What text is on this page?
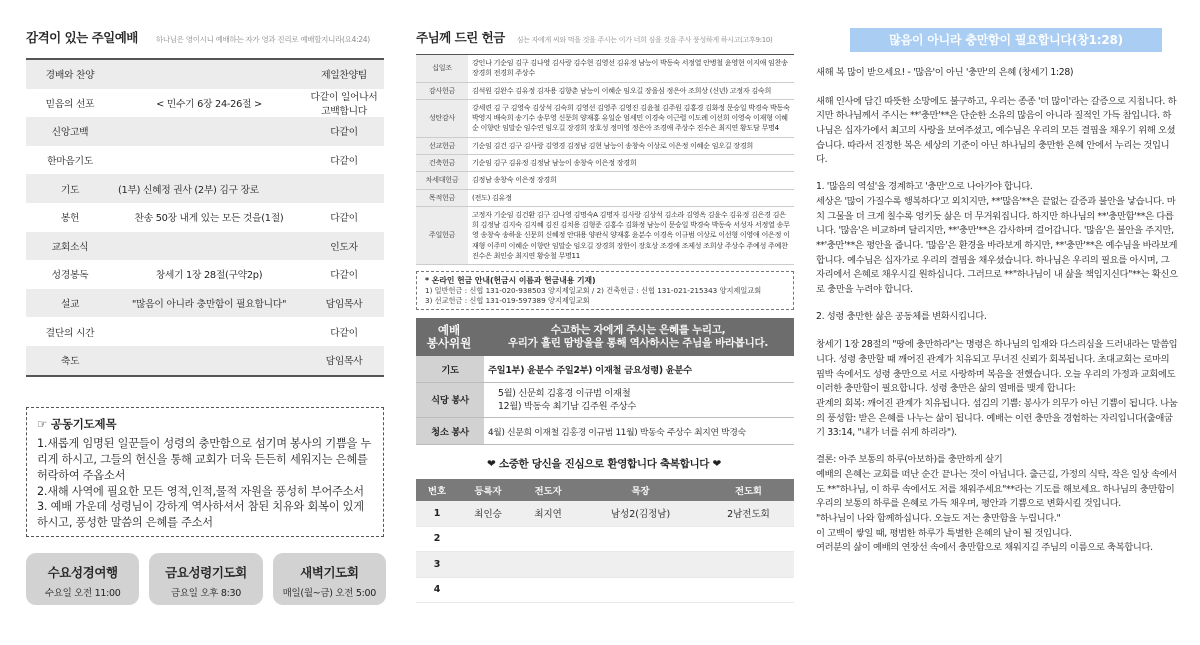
감격이 있는 주일예배 하나님은 영이시니 예배하는 자가 영과 진리로 예배할지니라(요4:24)
경배와 찬양		제일찬양팀
믿음의 선포	< 민수기 6장 24-26절 >	다같이 일어나서 고백합니다
신앙고백		다같이
한마음기도		다같이
기도	(1부) 신혜정 권사 (2부) 김구 장로	
봉헌	찬송 50장 내게 있는 모든 것을(1절)	다같이
교회소식		인도자
성경봉독	창세기 1장 28절(구약2p)	다같이
설교	"많음이 아니라 충만함이 필요합니다"	담임목사
결단의 시간		다같이
축도		담임목사
☞ 공동기도제목

1.새롭게 임명된 일꾼들이 성령의 충만함으로 섬기며 봉사의 기쁨을 누리게 하시고, 그들의 헌신을 통해 교회가 더욱 든든히 세워지는 은혜를 허락하여 주옵소서

2.새해 사역에 필요한 모든 영적,인적,물적 자원을 풍성히 부어주소서

3. 예배 가운데 성령님이 강하게 역사하셔서 참된 치유와 회복이 있게 하시고, 풍성한 말씀의 은혜를 주소서

수요성경여행
수요일 오전 11:00
금요성령기도회
금요일 오후 8:30
새벽기도회
매일(월~금) 오전 5:00
주님께 드린 헌금 심는 자에게 씨와 먹을 것을 주시는 이가 너희 심을 것을 주사 풍성하게 하시고(고후9:10)
십일조	강인나 기순임 김구 김나영 김사랑 김수현 김영선 김유정 남능이 박동숙 서정열 안병철 윤영현 이지애 임찬송 장경희 전경희 주상수
감사헌금	김석원 김완수 김유정 김자용 김향춘 남능이 이혜순 임오길 장을심 정은아 조희상 (신년) 고정자 김숙희
성탄감사	강세련 김 구 김영숙 김상석 김숙희 김영선 김영주 김영진 김윤철 김주원 김홍경 김화정 문승일 박경숙 박동숙 박영지 배숙희 송기수 송무영 신문희 양재홍 유일순 엄세민 이경숙 이근렬 이도례 이선희 이영숙 이재형 이혜순 이향란 임말순 임수연 임오길 장경희 장호성 정미영 정은아 조경애 주상수 진수은 최지연 황도담 무명4
선교헌금	기순임 김건 김구 김사랑 김영경 김정남 김현 남능이 송창숙 이상로 이은정 이혜순 임오길 장경희
건축헌금	기순임 김구 김유정 김정남 남능이 송창숙 이은정 장경희
차세대헌금	김정남 송창숙 이은정 장경희
목적헌금	(전도) 김유정
주일헌금	고정자 기순임 김건환 김구 김나영 김명숙A 김명자 김사랑 김상석 김소라 김영옥 김윤수 김유정 김은경 김은희 김정남 김지숙 김지혜 김진 김치용 김형준 김홍수 김화정 남능이 문승일 박경숙 박동숙 서성자 서정열 송무영 송창숙 송하윤 신문희 신혜정 안대용 양관식 양재홍 윤분수 이경옥 이규범 이상로 이선형 이영애 이은정 이재형 이주미 이혜순 이향란 임말순 임오길 장경희 장한이 장호상 조경애 조제성 조희상 주상수 주예성 주예찬 진수은 최인승 최지연 황승철 무명11
* 온라인 헌금 안내(헌금시 이름과 헌금내용 기재)
1) 일반헌금 : 신협 131-020-938503 양지제일교회 / 2) 건축헌금 : 신협 131-021-215343 양지제일교회
3) 선교헌금 : 신협 131-019-597389 양지제일교회
예배
봉사위원
수고하는 자에게 주시는 은혜를 누리고,
우리가 흘린 땀방울을 통해 역사하시는 주님을 바라봅니다.
기도	주일1부) 윤분수 주일2부) 이재철 금요성령) 윤분수
식당 봉사	5월) 신문희 김홍경 이규범 이재철
12월) 박동숙 최기남 김주원 주상수

청소 봉사	4월) 신문희 이재철 김홍경 이규범 11월) 박동숙 주상수 최지연 박경숙
❤ 소중한 당신을 진심으로 환영합니다 축복합니다 ❤
번호	등록자	전도자	목장	전도회
1	최인승	최지연	남성2(김정남)	2남전도회
2				
3				
4				
많음이 아니라 충만함이 필요합니다(창1:28)

새해 복 많이 받으세요! - '많음'이 아닌 '충만'의 은혜 (창세기 1:28)

새해 인사에 담긴 따뜻한 소망에도 불구하고, 우리는 종종 '더 많이'라는 갈증으로 지칩니다. 하지만 하나님께서 주시는 **'충만'**은 단순한 소유의 많음이 아니라 질적인 가득 참입니다. 하나님은 십자가에서 최고의 사랑을 보여주셨고, 예수님은 우리의 모든 결핍을 채우기 위해 오셨습니다. 따라서 진정한 복은 세상의 기준이 아닌 하나님의 충만한 은혜 안에서 누리는 것입니다.

1. '많음의 역설'을 경계하고 '충만'으로 나아가야 합니다.
세상은 '많이 가질수록 행복하다'고 외치지만, **'많음'**은 끝없는 갈증과 불안을 낳습니다. 마치 그물을 더 크게 칠수록 엉키듯 삶은 더 무거워집니다. 하지만 하나님의 **'충만함'**은 다릅니다. '많음'은 비교하며 달리지만, **'충만'**은 감사하며 걸어갑니다. '많음'은 불안을 주지만, **'충만'**은 평안을 줍니다. '많음'은 환경을 바라보게 하지만, **'충만'**은 예수님을 바라보게 합니다. 예수님은 십자가로 우리의 결핍을 채우셨습니다. 하나님은 우리의 필요를 아시며, 그 자리에서 은혜로 채우시길 원하십니다. 그러므로 **"하나님이 내 삶을 책임지신다"**는 확신으로 충만을 누려야 합니다.

2. 성령 충만한 삶은 공동체를 변화시킵니다.

창세기 1장 28절의 "땅에 충만하라"는 명령은 하나님의 임재와 다스리심을 드러내라는 말씀입니다. 성령 충만할 때 깨어진 관계가 치유되고 무너진 신뢰가 회복됩니다. 초대교회는 로마의 핍박 속에서도 성령 충만으로 서로 사랑하며 복음을 전했습니다. 오늘 우리의 가정과 교회에도 이러한 충만함이 필요합니다. 성령 충만은 삶의 열매를 맺게 합니다:
관계의 회복: 깨어진 관계가 치유됩니다. 섬김의 기쁨: 봉사가 의무가 아닌 기쁨이 됩니다. 나눔의 풍성함: 받은 은혜를 나누는 삶이 됩니다. 예배는 이런 충만을 경험하는 자리입니다(출애굽기 33:14, "내가 너를 쉬게 하리라").

결론: 아주 보통의 하루(아보하)를 충만하게 살기
예배의 은혜는 교회를 떠난 순간 끝나는 것이 아닙니다. 출근길, 가정의 식탁, 작은 일상 속에서도 **"하나님, 이 하루 속에서도 저를 채워주세요"**라는 기도를 해보세요. 하나님의 충만함이 우리의 보통의 하루를 은혜로 가득 채우며, 평안과 기쁨으로 변화시킬 것입니다.
"하나님이 나와 함께하십니다. 오늘도 저는 충만함을 누립니다."
이 고백이 쌓일 때, 평범한 하루가 특별한 은혜의 날이 될 것입니다.
여러분의 삶이 예배의 연장선 속에서 충만함으로 채워지길 주님의 이름으로 축복합니다.
